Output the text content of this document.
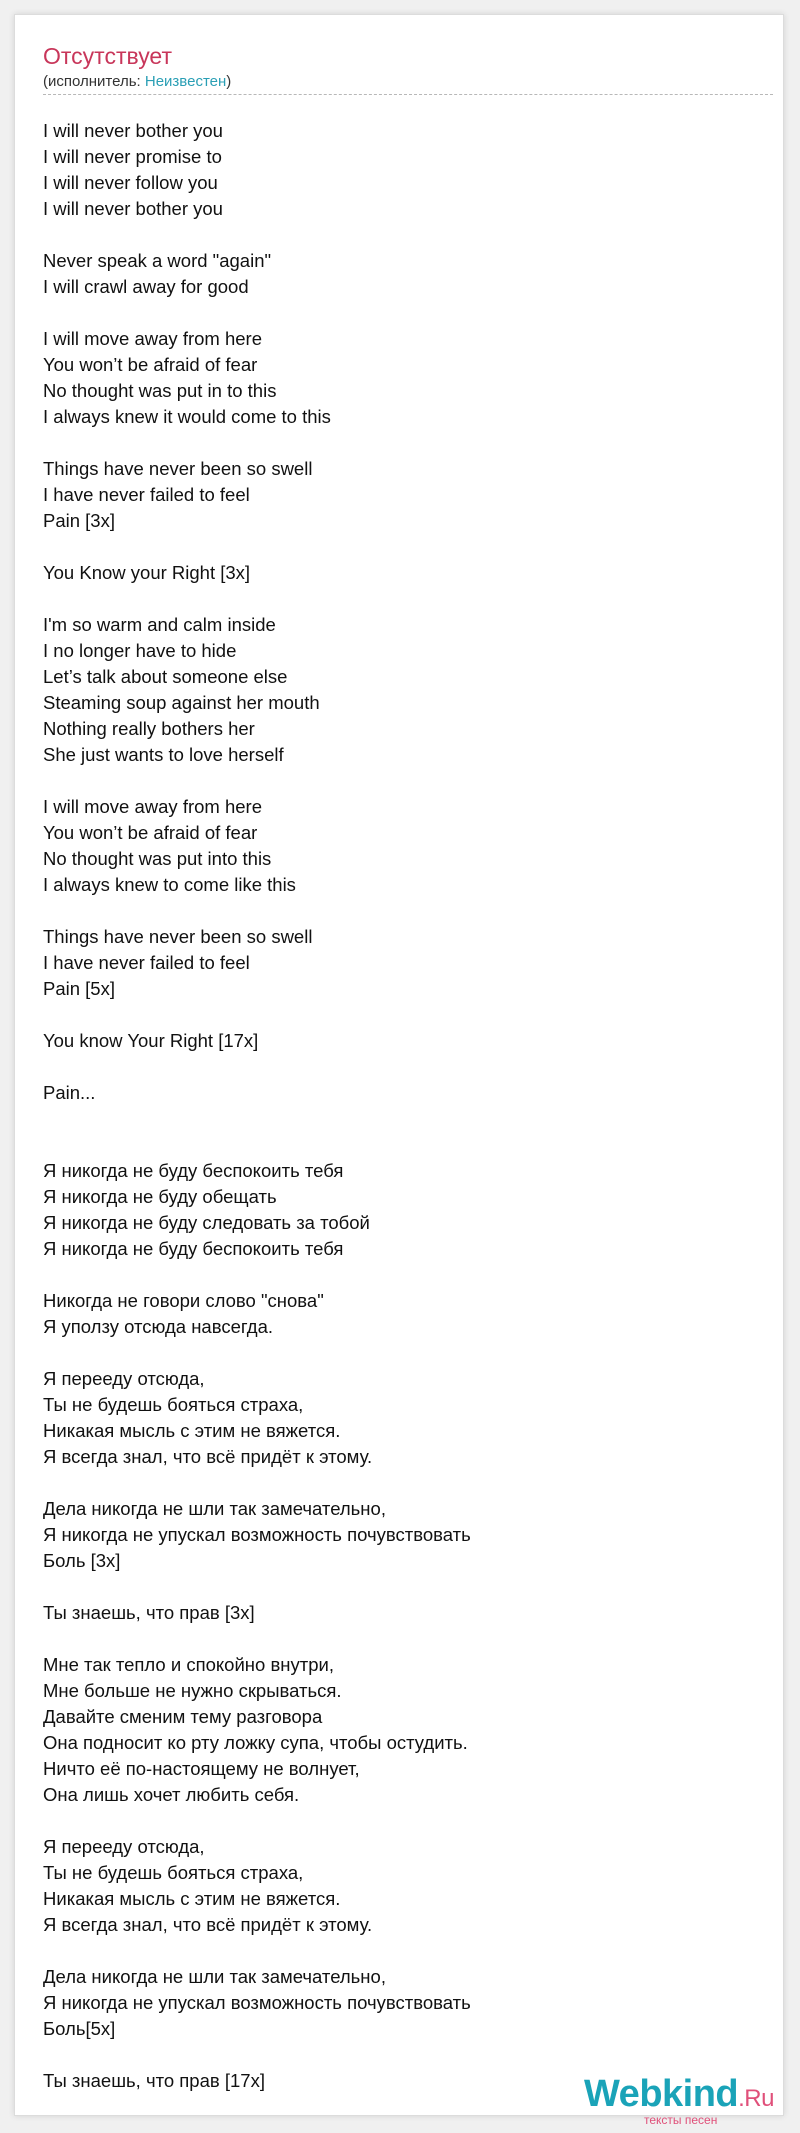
Отсутствует
(исполнитель: Неизвестен)
I will never bother you
I will never promise to
I will never follow you
I will never bother you

Never speak a word "again"
I will crawl away for good

I will move away from here
You won’t be afraid of fear
No thought was put in to this
I always knew it would come to this

Things have never been so swell
I have never failed to feel
Pain [3x]

You Know your Right [3x]

I'm so warm and calm inside
I no longer have to hide
Let’s talk about someone else
Steaming soup against her mouth
Nothing really bothers her
She just wants to love herself

I will move away from here
You won’t be afraid of fear
No thought was put into this
I always knew to come like this

Things have never been so swell
I have never failed to feel
Pain [5x]

You know Your Right [17x]

Pain...

Я никогда не буду беспокоить тебя
Я никогда не буду обещать
Я никогда не буду следовать за тобой
Я никогда не буду беспокоить тебя

Никогда не говори слово "снова"
Я уползу отсюда навсегда.

Я перееду отсюда,
Ты не будешь бояться страха,
Никакая мысль с этим не вяжется.
Я всегда знал, что всё придёт к этому.

Дела никогда не шли так замечательно,
Я никогда не упускал возможность почувствовать
Боль [3x]

Ты знаешь, что прав [3x]

Мне так тепло и спокойно внутри,
Мне больше не нужно скрываться.
Давайте сменим тему разговора
Она подносит ко рту ложку супа, чтобы остудить.
Ничто её по-настоящему не волнует,
Она лишь хочет любить себя.

Я перееду отсюда,
Ты не будешь бояться страха,
Никакая мысль с этим не вяжется.
Я всегда знал, что всё придёт к этому.

Дела никогда не шли так замечательно,
Я никогда не упускал возможность почувствовать
Боль[5x]

Ты знаешь, что прав [17x]	Webkind.Ru
тексты песен
